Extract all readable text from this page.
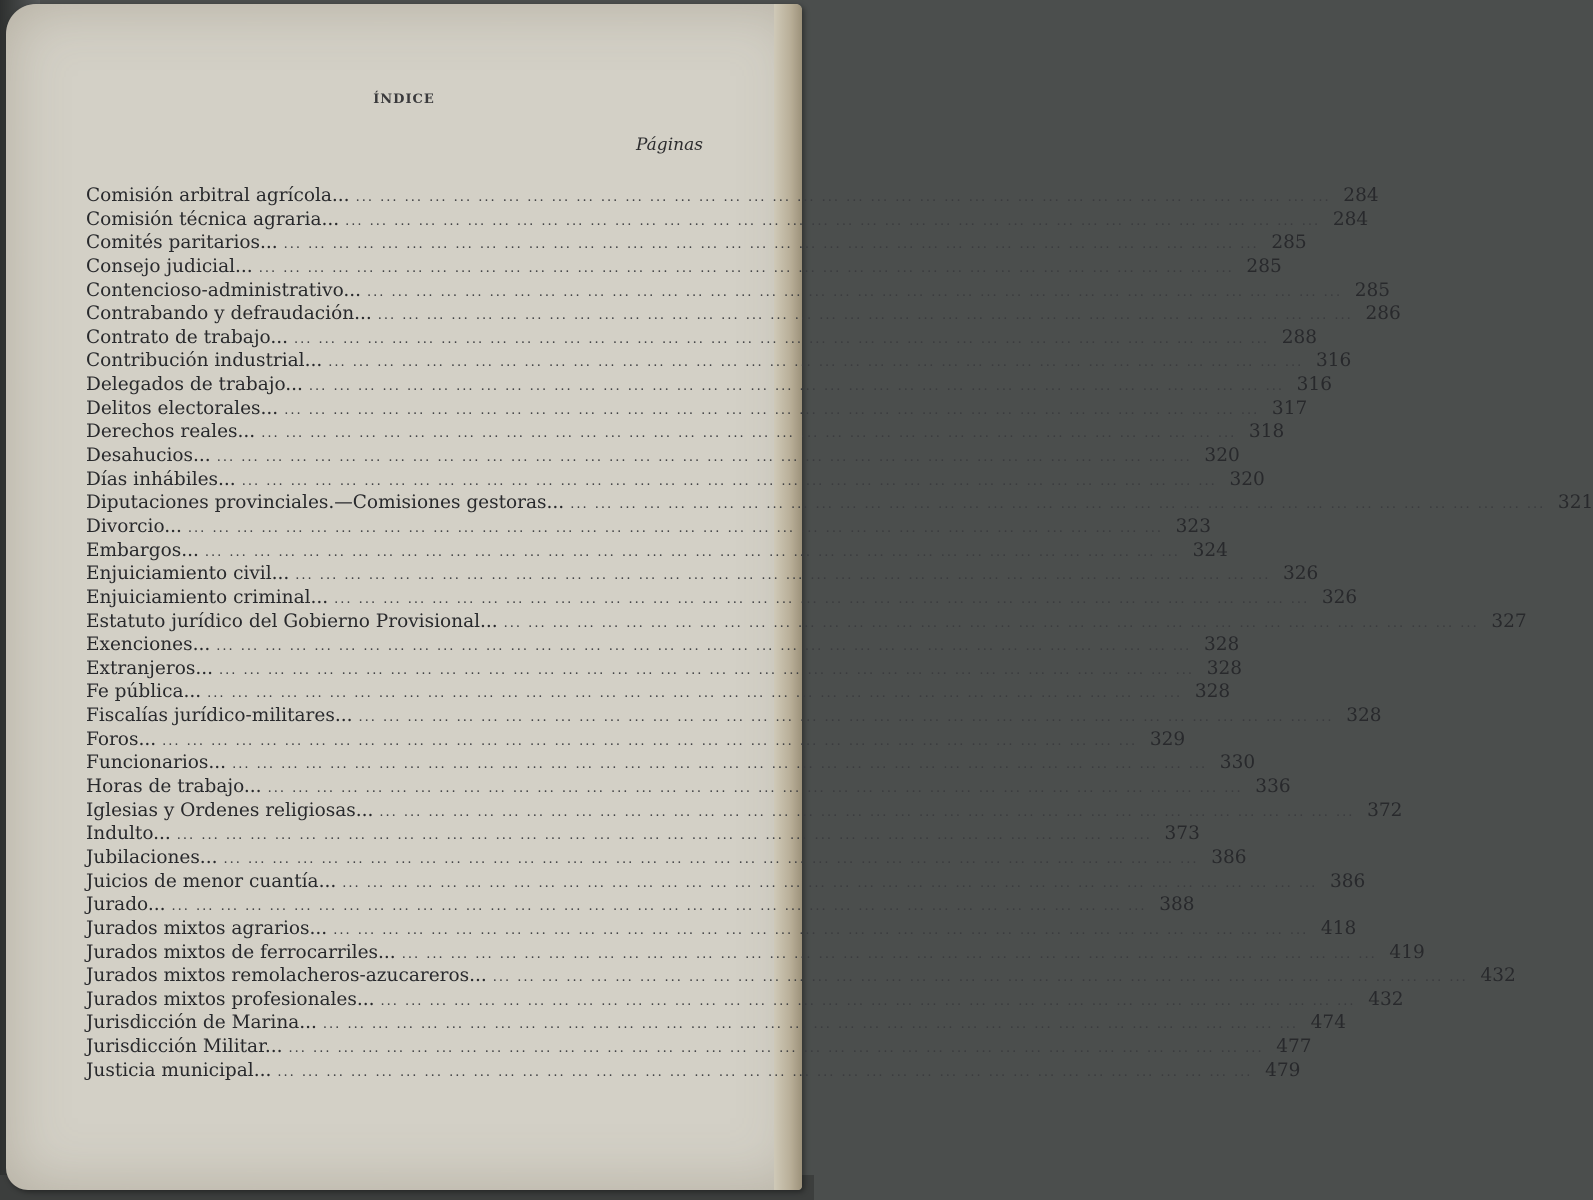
ÍNDICE
Páginas
Comisión arbitral agrícola... ... ... ... ... ... ... ... ... ... ... ... ... ... ... ... ... ... ... ... ... ... ... ... ... ... ... ... ... ... ... ... ... ... ... ... ... ... ... ... ... 284
Comisión técnica agraria... ... ... ... ... ... ... ... ... ... ... ... ... ... ... ... ... ... ... ... ... ... ... ... ... ... ... ... ... ... ... ... ... ... ... ... ... ... ... ... ... 284
Comités paritarios... ... ... ... ... ... ... ... ... ... ... ... ... ... ... ... ... ... ... ... ... ... ... ... ... ... ... ... ... ... ... ... ... ... ... ... ... ... ... ... ... 285
Consejo judicial... ... ... ... ... ... ... ... ... ... ... ... ... ... ... ... ... ... ... ... ... ... ... ... ... ... ... ... ... ... ... ... ... ... ... ... ... ... ... ... ... 285
Contencioso-administrativo... ... ... ... ... ... ... ... ... ... ... ... ... ... ... ... ... ... ... ... ... ... ... ... ... ... ... ... ... ... ... ... ... ... ... ... ... ... ... ... ... 285
Contrabando y defraudación... ... ... ... ... ... ... ... ... ... ... ... ... ... ... ... ... ... ... ... ... ... ... ... ... ... ... ... ... ... ... ... ... ... ... ... ... ... ... ... ... 286
Contrato de trabajo... ... ... ... ... ... ... ... ... ... ... ... ... ... ... ... ... ... ... ... ... ... ... ... ... ... ... ... ... ... ... ... ... ... ... ... ... ... ... ... ... 288
Contribución industrial... ... ... ... ... ... ... ... ... ... ... ... ... ... ... ... ... ... ... ... ... ... ... ... ... ... ... ... ... ... ... ... ... ... ... ... ... ... ... ... ... 316
Delegados de trabajo... ... ... ... ... ... ... ... ... ... ... ... ... ... ... ... ... ... ... ... ... ... ... ... ... ... ... ... ... ... ... ... ... ... ... ... ... ... ... ... ... 316
Delitos electorales... ... ... ... ... ... ... ... ... ... ... ... ... ... ... ... ... ... ... ... ... ... ... ... ... ... ... ... ... ... ... ... ... ... ... ... ... ... ... ... ... 317
Derechos reales... ... ... ... ... ... ... ... ... ... ... ... ... ... ... ... ... ... ... ... ... ... ... ... ... ... ... ... ... ... ... ... ... ... ... ... ... ... ... ... ... 318
Desahucios... ... ... ... ... ... ... ... ... ... ... ... ... ... ... ... ... ... ... ... ... ... ... ... ... ... ... ... ... ... ... ... ... ... ... ... ... ... ... ... ... 320
Días inhábiles... ... ... ... ... ... ... ... ... ... ... ... ... ... ... ... ... ... ... ... ... ... ... ... ... ... ... ... ... ... ... ... ... ... ... ... ... ... ... ... ... 320
Diputaciones provinciales.—Comisiones gestoras... ... ... ... ... ... ... ... ... ... ... ... ... ... ... ... ... ... ... ... ... ... ... ... ... ... ... ... ... ... ... ... ... ... ... ... ... ... ... ... ... 321
Divorcio... ... ... ... ... ... ... ... ... ... ... ... ... ... ... ... ... ... ... ... ... ... ... ... ... ... ... ... ... ... ... ... ... ... ... ... ... ... ... ... ... 323
Embargos... ... ... ... ... ... ... ... ... ... ... ... ... ... ... ... ... ... ... ... ... ... ... ... ... ... ... ... ... ... ... ... ... ... ... ... ... ... ... ... ... 324
Enjuiciamiento civil... ... ... ... ... ... ... ... ... ... ... ... ... ... ... ... ... ... ... ... ... ... ... ... ... ... ... ... ... ... ... ... ... ... ... ... ... ... ... ... ... 326
Enjuiciamiento criminal... ... ... ... ... ... ... ... ... ... ... ... ... ... ... ... ... ... ... ... ... ... ... ... ... ... ... ... ... ... ... ... ... ... ... ... ... ... ... ... ... 326
Estatuto jurídico del Gobierno Provisional... ... ... ... ... ... ... ... ... ... ... ... ... ... ... ... ... ... ... ... ... ... ... ... ... ... ... ... ... ... ... ... ... ... ... ... ... ... ... ... ... 327
Exenciones... ... ... ... ... ... ... ... ... ... ... ... ... ... ... ... ... ... ... ... ... ... ... ... ... ... ... ... ... ... ... ... ... ... ... ... ... ... ... ... ... 328
Extranjeros... ... ... ... ... ... ... ... ... ... ... ... ... ... ... ... ... ... ... ... ... ... ... ... ... ... ... ... ... ... ... ... ... ... ... ... ... ... ... ... ... 328
Fe pública... ... ... ... ... ... ... ... ... ... ... ... ... ... ... ... ... ... ... ... ... ... ... ... ... ... ... ... ... ... ... ... ... ... ... ... ... ... ... ... ... 328
Fiscalías jurídico-militares... ... ... ... ... ... ... ... ... ... ... ... ... ... ... ... ... ... ... ... ... ... ... ... ... ... ... ... ... ... ... ... ... ... ... ... ... ... ... ... ... 328
Foros... ... ... ... ... ... ... ... ... ... ... ... ... ... ... ... ... ... ... ... ... ... ... ... ... ... ... ... ... ... ... ... ... ... ... ... ... ... ... ... ... 329
Funcionarios... ... ... ... ... ... ... ... ... ... ... ... ... ... ... ... ... ... ... ... ... ... ... ... ... ... ... ... ... ... ... ... ... ... ... ... ... ... ... ... ... 330
Horas de trabajo... ... ... ... ... ... ... ... ... ... ... ... ... ... ... ... ... ... ... ... ... ... ... ... ... ... ... ... ... ... ... ... ... ... ... ... ... ... ... ... ... 336
Iglesias y Ordenes religiosas... ... ... ... ... ... ... ... ... ... ... ... ... ... ... ... ... ... ... ... ... ... ... ... ... ... ... ... ... ... ... ... ... ... ... ... ... ... ... ... ... 372
Indulto... ... ... ... ... ... ... ... ... ... ... ... ... ... ... ... ... ... ... ... ... ... ... ... ... ... ... ... ... ... ... ... ... ... ... ... ... ... ... ... ... 373
Jubilaciones... ... ... ... ... ... ... ... ... ... ... ... ... ... ... ... ... ... ... ... ... ... ... ... ... ... ... ... ... ... ... ... ... ... ... ... ... ... ... ... ... 386
Juicios de menor cuantía... ... ... ... ... ... ... ... ... ... ... ... ... ... ... ... ... ... ... ... ... ... ... ... ... ... ... ... ... ... ... ... ... ... ... ... ... ... ... ... ... 386
Jurado... ... ... ... ... ... ... ... ... ... ... ... ... ... ... ... ... ... ... ... ... ... ... ... ... ... ... ... ... ... ... ... ... ... ... ... ... ... ... ... ... 388
Jurados mixtos agrarios... ... ... ... ... ... ... ... ... ... ... ... ... ... ... ... ... ... ... ... ... ... ... ... ... ... ... ... ... ... ... ... ... ... ... ... ... ... ... ... ... 418
Jurados mixtos de ferrocarriles... ... ... ... ... ... ... ... ... ... ... ... ... ... ... ... ... ... ... ... ... ... ... ... ... ... ... ... ... ... ... ... ... ... ... ... ... ... ... ... ... 419
Jurados mixtos remolacheros-azucareros... ... ... ... ... ... ... ... ... ... ... ... ... ... ... ... ... ... ... ... ... ... ... ... ... ... ... ... ... ... ... ... ... ... ... ... ... ... ... ... ... 432
Jurados mixtos profesionales... ... ... ... ... ... ... ... ... ... ... ... ... ... ... ... ... ... ... ... ... ... ... ... ... ... ... ... ... ... ... ... ... ... ... ... ... ... ... ... ... 432
Jurisdicción de Marina... ... ... ... ... ... ... ... ... ... ... ... ... ... ... ... ... ... ... ... ... ... ... ... ... ... ... ... ... ... ... ... ... ... ... ... ... ... ... ... ... 474
Jurisdicción Militar... ... ... ... ... ... ... ... ... ... ... ... ... ... ... ... ... ... ... ... ... ... ... ... ... ... ... ... ... ... ... ... ... ... ... ... ... ... ... ... ... 477
Justicia municipal... ... ... ... ... ... ... ... ... ... ... ... ... ... ... ... ... ... ... ... ... ... ... ... ... ... ... ... ... ... ... ... ... ... ... ... ... ... ... ... ... 479
